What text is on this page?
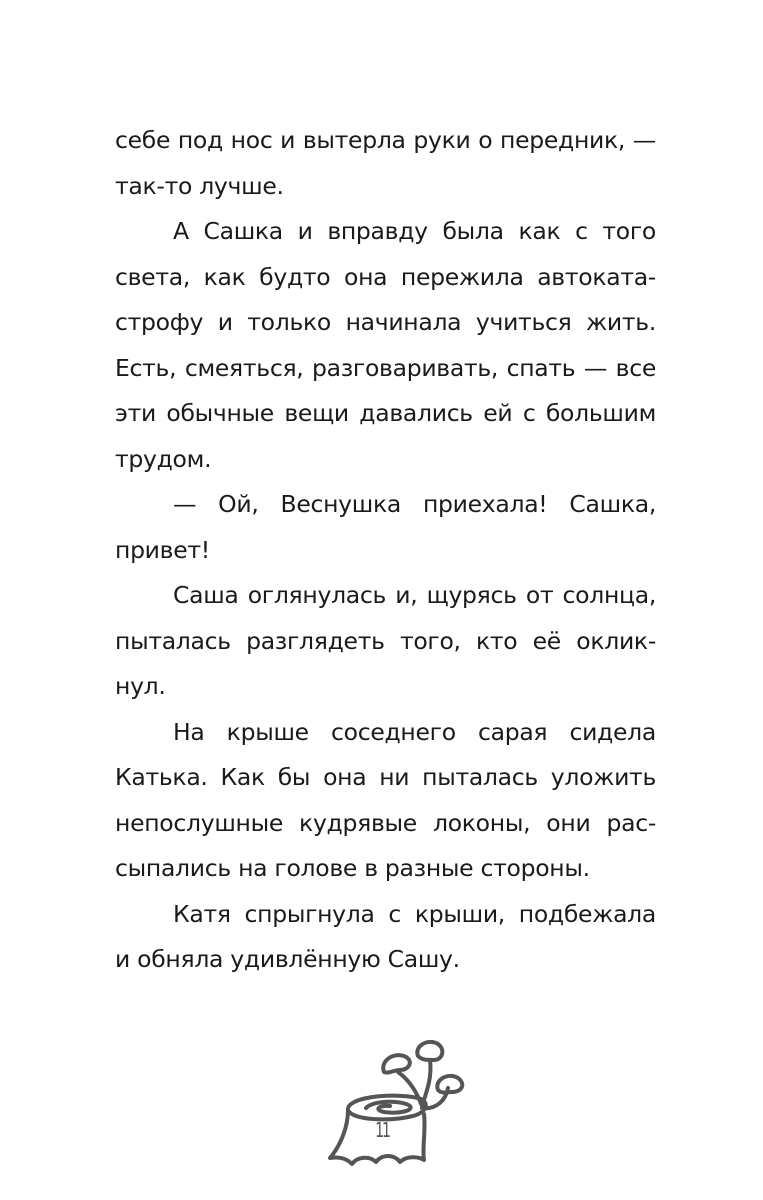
себе под нос и вытерла руки о передник, —
так-то лучше.
А Сашка и вправду была как с того
света, как будто она пережила автоката-
строфу и только начинала учиться жить.
Есть, смеяться, разговаривать, спать — все
эти обычные вещи давались ей с большим
трудом.
— Ой, Веснушка приехала! Сашка,
привет!
Саша оглянулась и, щурясь от солнца,
пыталась разглядеть того, кто её оклик-
нул.
На крыше соседнего сарая сидела
Катька. Как бы она ни пыталась уложить
непослушные кудрявые локоны, они рас-
сыпались на голове в разные стороны.
Катя спрыгнула с крыши, подбежала
и обняла удивлённую Сашу.
11
